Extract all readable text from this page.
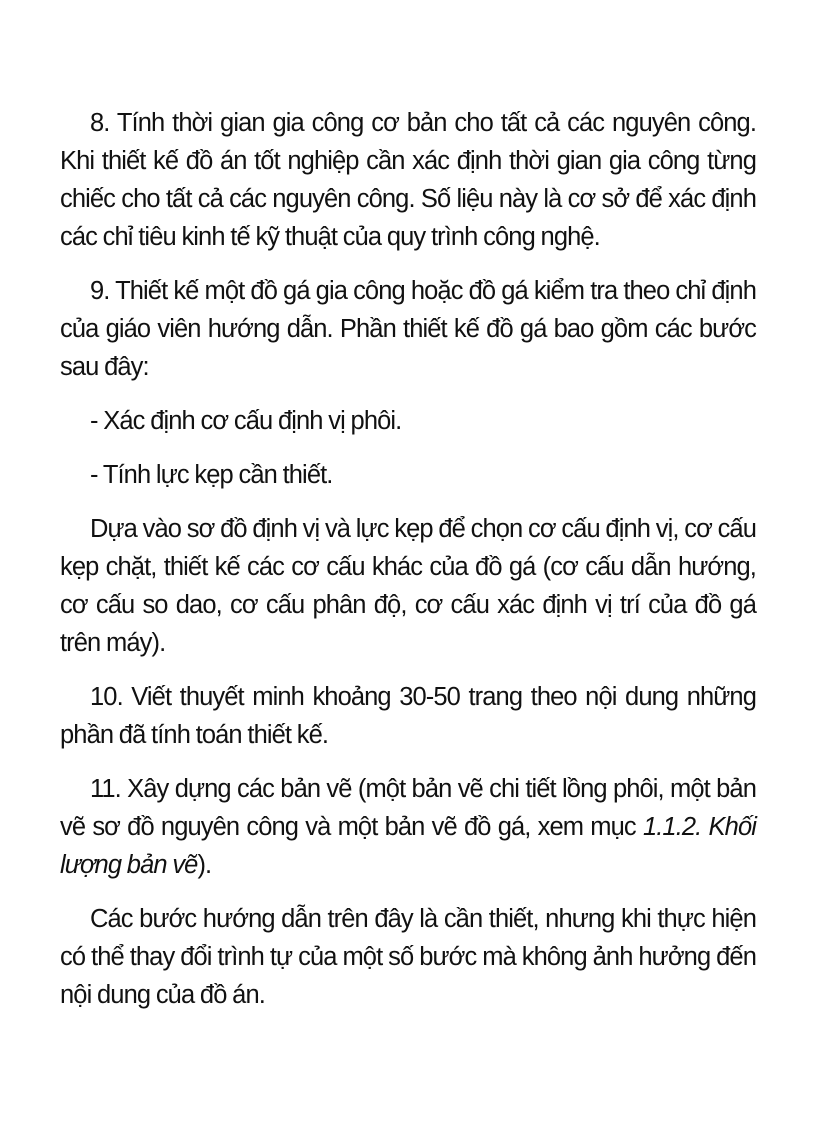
8. Tính thời gian gia công cơ bản cho tất cả các nguyên công. Khi thiết kế đồ án tốt nghiệp cần xác định thời gian gia công từng chiếc cho tất cả các nguyên công. Số liệu này là cơ sở để xác định các chỉ tiêu kinh tế kỹ thuật của quy trình công nghệ.

9. Thiết kế một đồ gá gia công hoặc đồ gá kiểm tra theo chỉ định của giáo viên hướng dẫn. Phần thiết kế đồ gá bao gồm các bước sau đây:

- Xác định cơ cấu định vị phôi.

- Tính lực kẹp cần thiết.

Dựa vào sơ đồ định vị và lực kẹp để chọn cơ cấu định vị, cơ cấu kẹp chặt, thiết kế các cơ cấu khác của đồ gá (cơ cấu dẫn hướng, cơ cấu so dao, cơ cấu phân độ, cơ cấu xác định vị trí của đồ gá trên máy).

10. Viết thuyết minh khoảng 30-50 trang theo nội dung những phần đã tính toán thiết kế.

11. Xây dựng các bản vẽ (một bản vẽ chi tiết lồng phôi, một bản vẽ sơ đồ nguyên công và một bản vẽ đồ gá, xem mục 1.1.2. Khối lượng bản vẽ).

Các bước hướng dẫn trên đây là cần thiết, nhưng khi thực hiện có thể thay đổi trình tự của một số bước mà không ảnh hưởng đến nội dung của đồ án.
